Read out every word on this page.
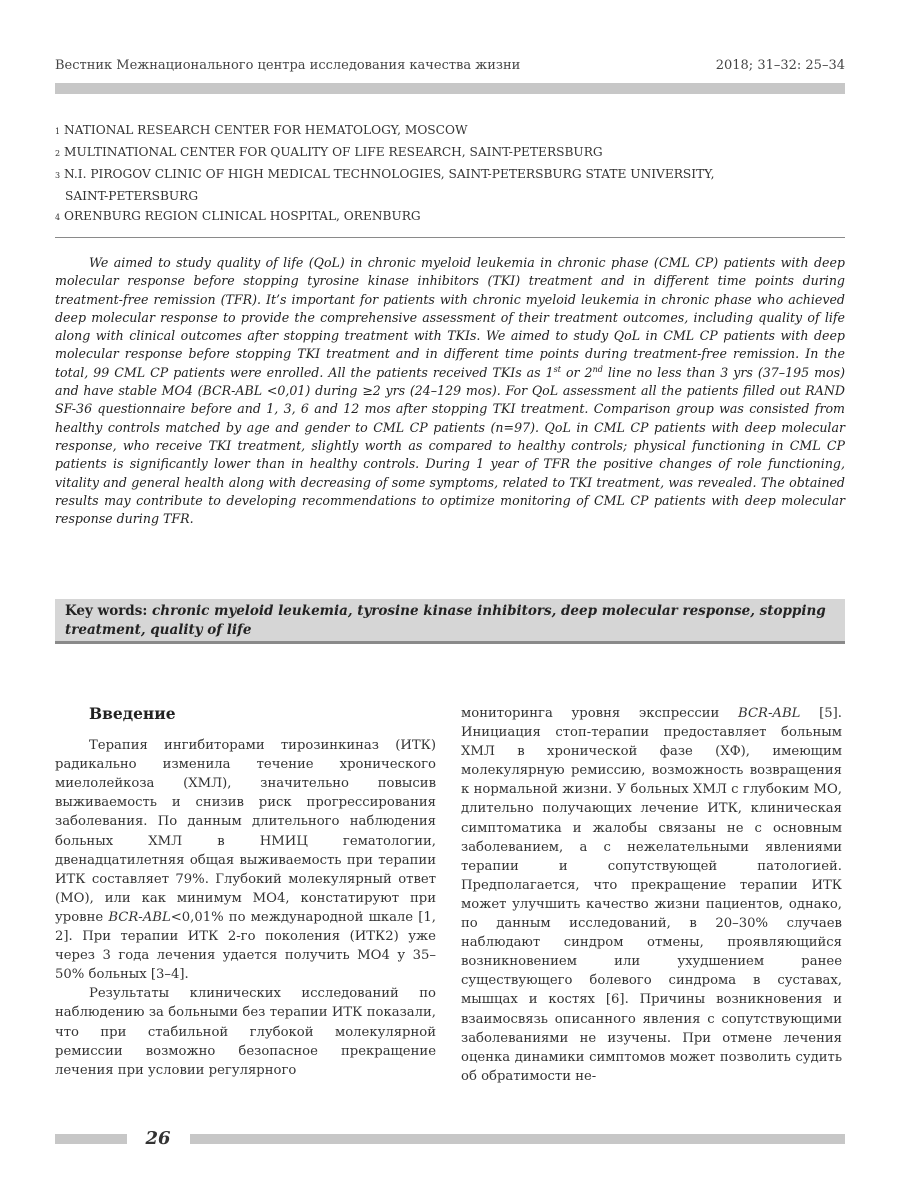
Вестник Межнационального центра исследования качества жизни	2018; 31–32: 25–34
1 NATIONAL RESEARCH CENTER FOR HEMATOLOGY, MOSCOW
2 MULTINATIONAL CENTER FOR QUALITY OF LIFE RESEARCH, SAINT-PETERSBURG
3 N.I. PIROGOV CLINIC OF HIGH MEDICAL TECHNOLOGIES, SAINT-PETERSBURG STATE UNIVERSITY,
SAINT-PETERSBURG
4 ORENBURG REGION CLINICAL HOSPITAL, ORENBURG

We aimed to study quality of life (QoL) in chronic myeloid leukemia in chronic phase (CML CP) patients with deep molecular response before stopping tyrosine kinase inhibitors (TKI) treatment and in different time points during treatment-free remission (TFR). It’s important for patients with chronic myeloid leukemia in chronic phase who achieved deep molecular response to provide the comprehensive assessment of their treatment outcomes, including quality of life along with clinical outcomes after stopping treatment with TKIs. We aimed to study QoL in CML CP patients with deep molecular response before stopping TKI treatment and in different time points during treatment-free remission. In the total, 99 CML CP patients were enrolled. All the patients received TKIs as 1st or 2nd line no less than 3 yrs (37–195 mos) and have stable MO4 (BCR-ABL <0,01) during ≥2 yrs (24–129 mos). For QoL assessment all the patients filled out RAND SF-36 questionnaire before and 1, 3, 6 and 12 mos after stopping TKI treatment. Comparison group was consisted from healthy controls matched by age and gender to CML CP patients (n=97). QoL in CML CP patients with deep molecular response, who receive TKI treatment, slightly worth as compared to healthy controls; physical functioning in CML CP patients is significantly lower than in healthy controls. During 1 year of TFR the positive changes of role functioning, vitality and general health along with decreasing of some symptoms, related to TKI treatment, was revealed. The obtained results may contribute to developing recommendations to optimize monitoring of CML CP patients with deep molecular response during TFR.

Key words: chronic myeloid leukemia, tyrosine kinase inhibitors, deep molecular response, stopping treatment, quality of life
Введение

Терапия ингибиторами тирозинкиназ (ИТК) радикально изменила течение хронического миелолейкоза (ХМЛ), значительно повысив выживаемость и снизив риск прогрессирования заболевания. По данным длительного наблюдения больных ХМЛ в НМИЦ гематологии, двенадцатилетняя общая выживаемость при терапии ИТК составляет 79%. Глубокий молекулярный ответ (МО), или как минимум МО4, констатируют при уровне BCR-ABL<0,01% по международной шкале [1, 2]. При терапии ИТК 2-го поколения (ИТК2) уже через 3 года лечения удается получить МО4 у 35–50% больных [3–4].

Результаты клинических исследований по наблюдению за больными без терапии ИТК показали, что при стабильной глубокой молекулярной ремиссии возможно безопасное прекращение лечения при условии регулярного

мониторинга уровня экспрессии BCR-ABL [5]. Инициация стоп-терапии предоставляет больным ХМЛ в хронической фазе (ХФ), имеющим молекулярную ремиссию, возможность возвращения к нормальной жизни. У больных ХМЛ с глубоким МО, длительно получающих лечение ИТК, клиническая симптоматика и жалобы связаны не с основным заболеванием, а с нежелательными явлениями терапии и сопутствующей патологией. Предполагается, что прекращение терапии ИТК может улучшить качество жизни пациентов, однако, по данным исследований, в 20–30% случаев наблюдают синдром отмены, проявляющийся возникновением или ухудшением ранее существующего болевого синдрома в суставах, мышцах и костях [6]. Причины возникновения и взаимосвязь описанного явления с сопутствующими заболеваниями не изучены. При отмене лечения оценка динамики симптомов может позволить судить об обратимости не-

26
